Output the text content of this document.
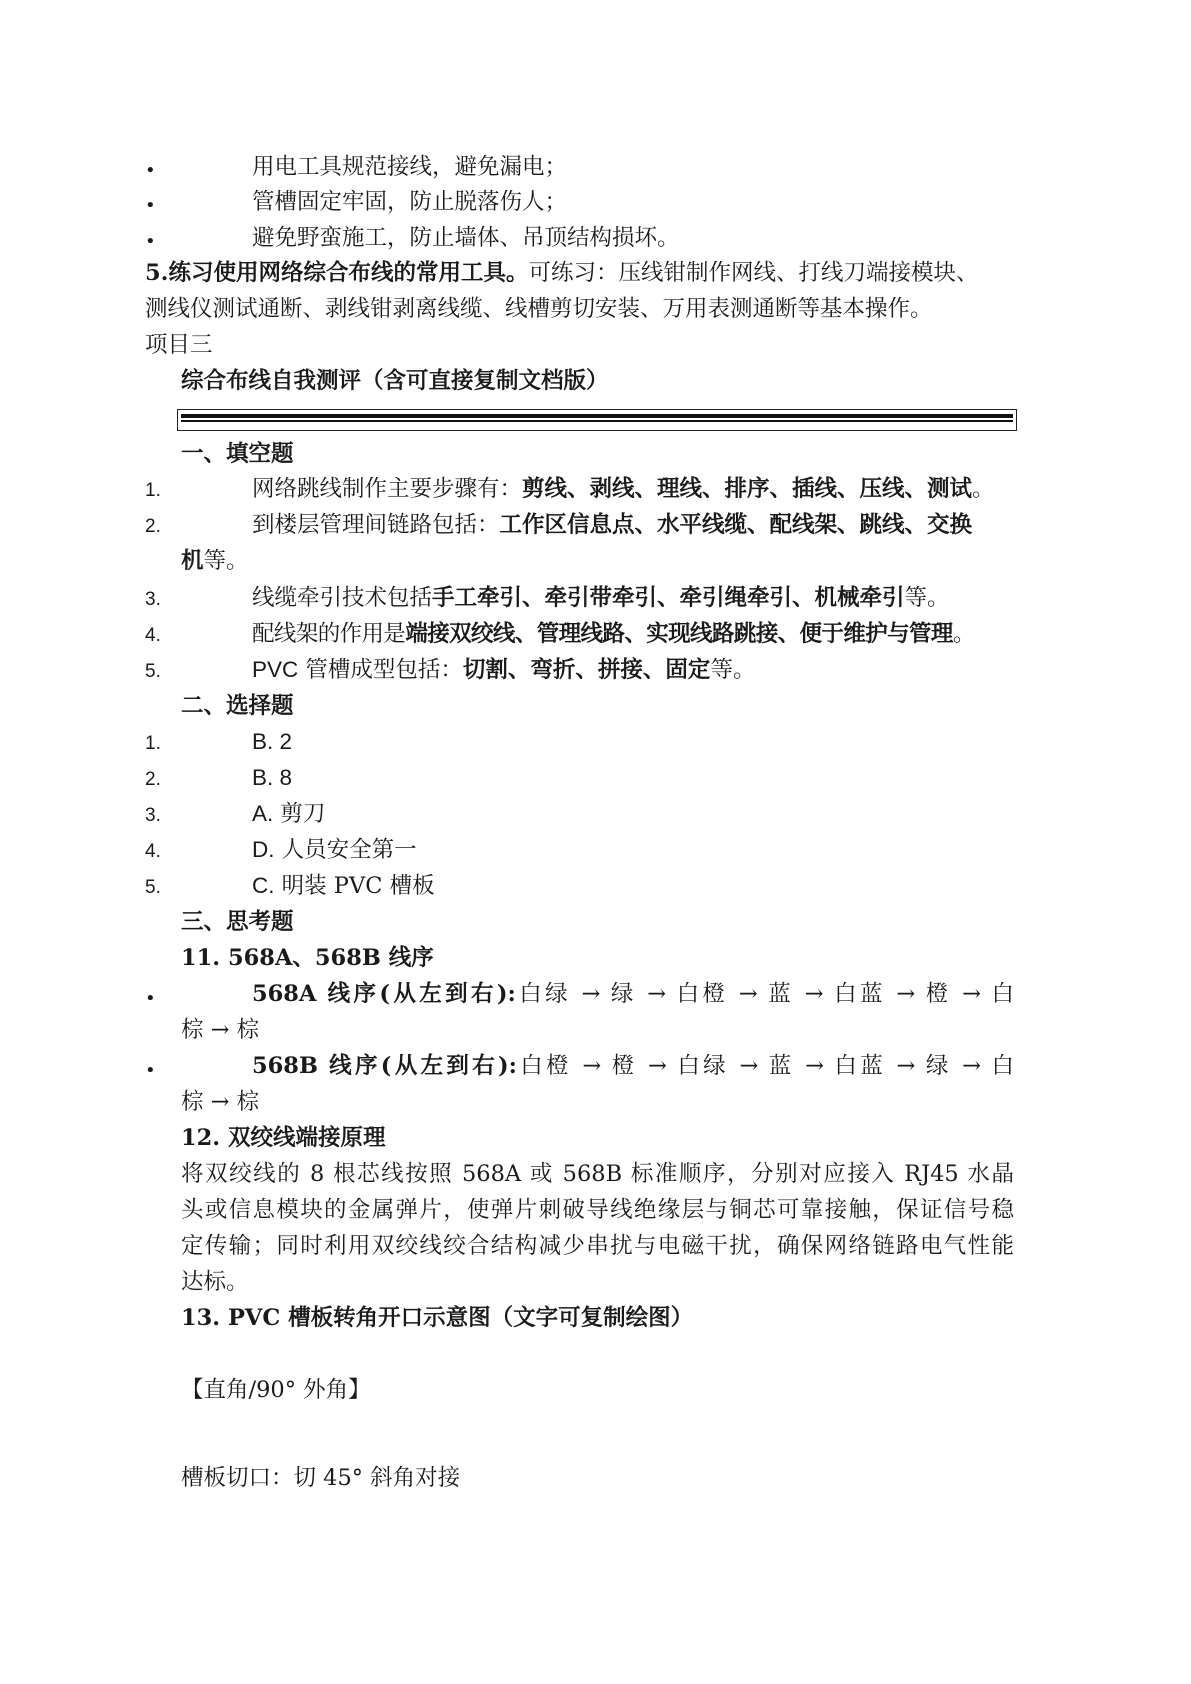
•	用电工具规范接线，避免漏电；
•	管槽固定牢固，防止脱落伤人；
•	避免野蛮施工，防止墙体、吊顶结构损坏。
5.练习使用网络综合布线的常用工具。可练习：压线钳制作网线、打线刀端接模块、
测线仪测试通断、剥线钳剥离线缆、线槽剪切安装、万用表测通断等基本操作。
项目三
综合布线自我测评（含可直接复制文档版）
一、填空题
1.	网络跳线制作主要步骤有：剪线、剥线、理线、排序、插线、压线、测试。
2.	到楼层管理间链路包括：工作区信息点、水平线缆、配线架、跳线、交换
机等。
3.	线缆牵引技术包括手工牵引、牵引带牵引、牵引绳牵引、机械牵引等。
4.	配线架的作用是端接双绞线、管理线路、实现线路跳接、便于维护与管理。
5.	PVC 管槽成型包括：切割、弯折、拼接、固定等。
二、选择题
1.	B. 2
2.	B. 8
3.	A. 剪刀
4.	D. 人员安全第一
5.	C. 明装 PVC 槽板
三、思考题
11. 568A、568B 线序
•	568A 线序(从左到右):白绿 → 绿 → 白橙 → 蓝 → 白蓝 → 橙 → 白
棕 → 棕
•	568B 线序(从左到右):白橙 → 橙 → 白绿 → 蓝 → 白蓝 → 绿 → 白
棕 → 棕
12. 双绞线端接原理
将双绞线的 8 根芯线按照 568A 或 568B 标准顺序，分别对应接入 RJ45 水晶
头或信息模块的金属弹片，使弹片刺破导线绝缘层与铜芯可靠接触，保证信号稳
定传输；同时利用双绞线绞合结构减少串扰与电磁干扰，确保网络链路电气性能
达标。
13. PVC 槽板转角开口示意图（文字可复制绘图）
【直角/90° 外角】
槽板切口：切 45° 斜角对接
